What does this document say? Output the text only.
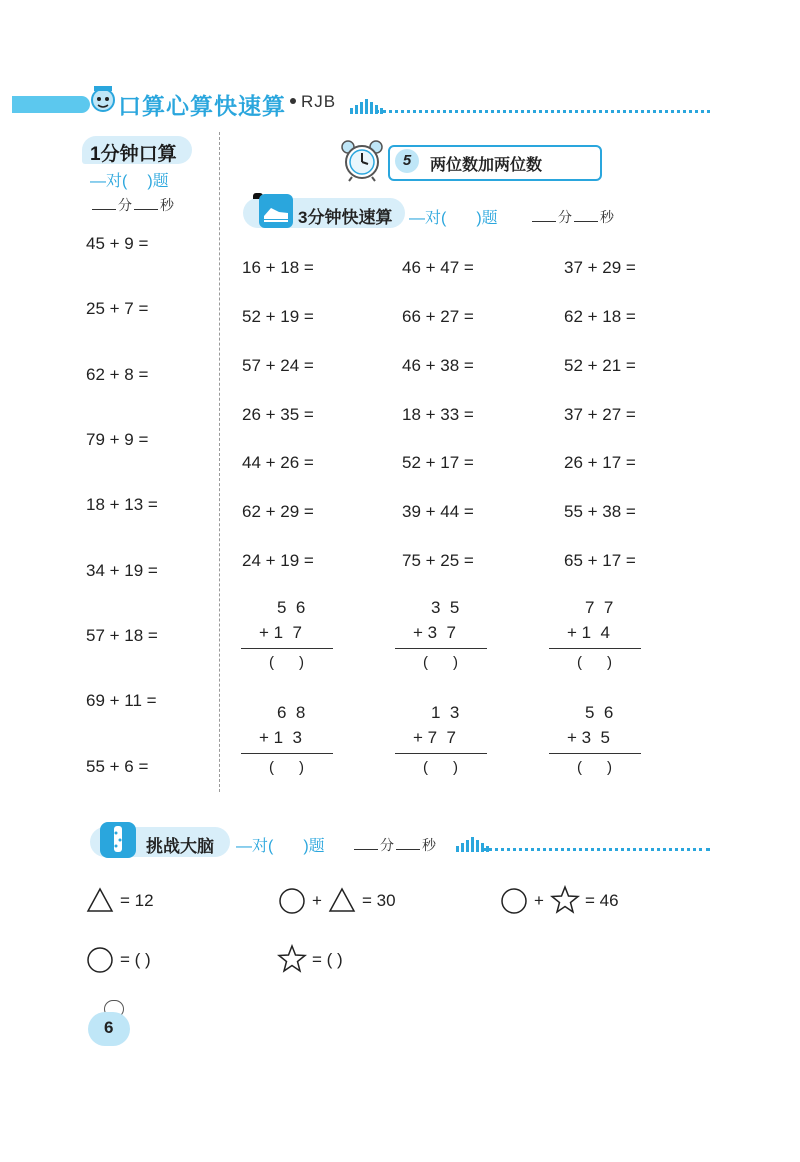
口算心算快速算 RJB
1分钟口算
—对( )题
分 秒
45 + 9 =
25 + 7 =
62 + 8 =
79 + 9 =
18 + 13 =
34 + 19 =
57 + 18 =
69 + 11 =
55 + 6 =
5	两位数加两位数
3分钟快速算 —对( )题	分 秒
16 + 18 =	46 + 47 =	37 + 29 =
52 + 19 =	66 + 27 =	62 + 18 =
57 + 24 =	46 + 38 =	52 + 21 =
26 + 35 =	18 + 33 =	37 + 27 =
44 + 26 =	52 + 17 =	26 + 17 =
62 + 29 =	39 + 44 =	55 + 38 =
24 + 19 =	75 + 25 =	65 + 17 =
5  6
+ 1  7
(      )
3  5
+ 3  7
(      )
7  7
+ 1  4
(      )
6  8
+ 1  3
(      )
1  3
+ 7  7
(      )
5  6
+ 3  5
(      )
挑战大脑 —对( )题	分 秒
= 12	+ = 30	+ = 46
= ( )	= ( )
6
